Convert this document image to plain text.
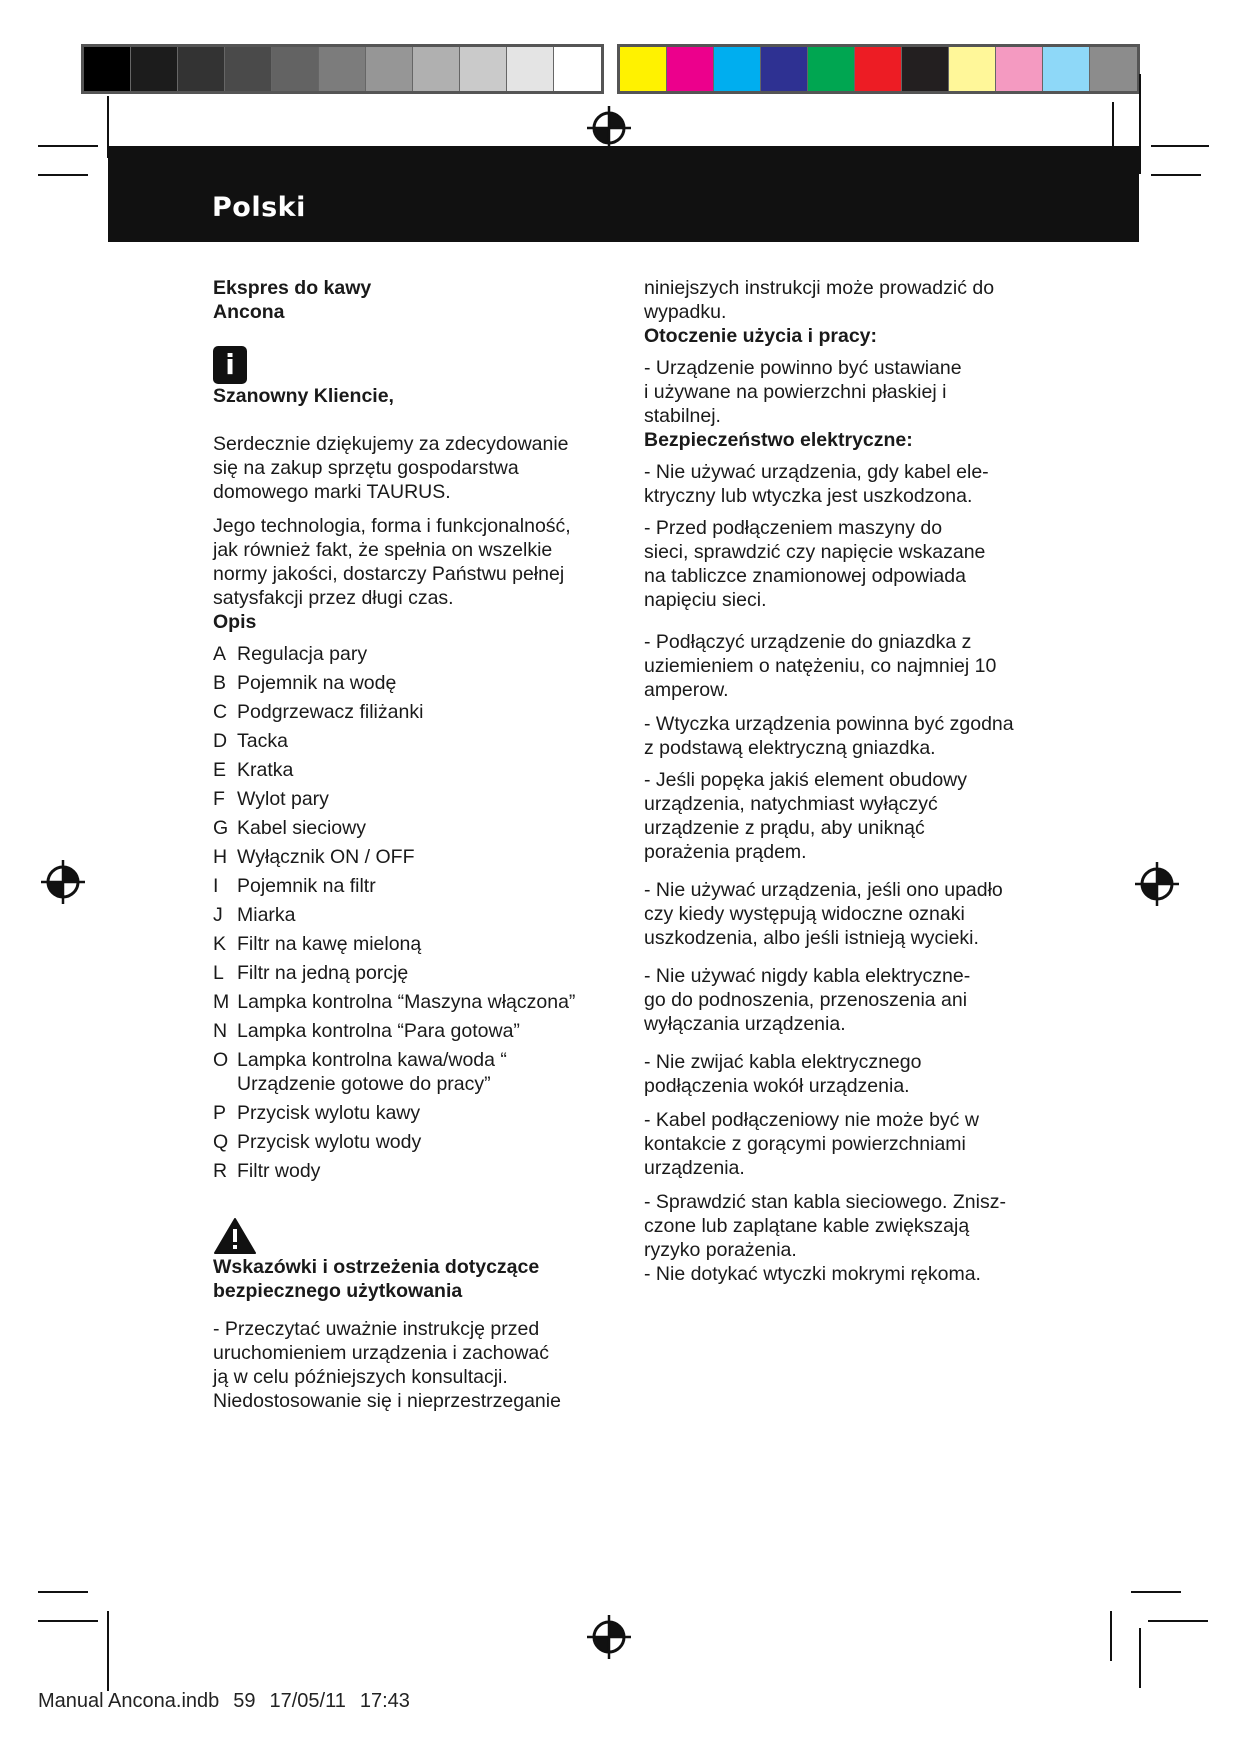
Polski

Ekspres do kawy

Ancona

i

Szanowny Kliencie,

Serdecznie dziękujemy za zdecydowanie

się na zakup sprzętu gospodarstwa

domowego marki TAURUS.

Jego technologia, forma i funkcjonalność,

jak również fakt, że spełnia on wszelkie

normy jakości, dostarczy Państwu pełnej

satysfakcji przez długi czas.

Opis

A Regulacja pary
B Pojemnik na wodę
C Podgrzewacz filiżanki
D Tacka
E Kratka
F Wylot pary
G Kabel sieciowy
H Wyłącznik ON / OFF
I Pojemnik na filtr
J Miarka
K Filtr na kawę mieloną
L Filtr na jedną porcję
M Lampka kontrolna “Maszyna włączona”
N Lampka kontrolna “Para gotowa”
O Lampka kontrolna kawa/woda “ Urządzenie gotowe do pracy”
P Przycisk wylotu kawy
Q Przycisk wylotu wody
R Filtr wody

Wskazówki i ostrzeżenia dotyczące

bezpiecznego użytkowania

- Przeczytać uważnie instrukcję przed

uruchomieniem urządzenia i zachować

ją w celu późniejszych konsultacji.

Niedostosowanie się i nieprzestrzeganie

niniejszych instrukcji może prowadzić do

wypadku.

Otoczenie użycia i pracy:

- Urządzenie powinno być ustawiane

i używane na powierzchni płaskiej i

stabilnej.

Bezpieczeństwo elektryczne:

- Nie używać urządzenia, gdy kabel ele-

ktryczny lub wtyczka jest uszkodzona.

- Przed podłączeniem maszyny do

sieci, sprawdzić czy napięcie wskazane

na tabliczce znamionowej odpowiada

napięciu sieci.

- Podłączyć urządzenie do gniazdka z

uziemieniem o natężeniu, co najmniej 10

amperow.

- Wtyczka urządzenia powinna być zgodna

z podstawą elektryczną gniazdka.

- Jeśli popęka jakiś element obudowy

urządzenia, natychmiast wyłączyć

urządzenie z prądu, aby uniknąć

porażenia prądem.

- Nie używać urządzenia, jeśli ono upadło

czy kiedy występują widoczne oznaki

uszkodzenia, albo jeśli istnieją wycieki.

- Nie używać nigdy kabla elektryczne-

go do podnoszenia, przenoszenia ani

wyłączania urządzenia.

- Nie zwijać kabla elektrycznego

podłączenia wokół urządzenia.

- Kabel podłączeniowy nie może być w

kontakcie z gorącymi powierzchniami

urządzenia.

- Sprawdzić stan kabla sieciowego. Znisz-

czone lub zaplątane kable zwiększają

ryzyko porażenia.

- Nie dotykać wtyczki mokrymi rękoma.

Manual Ancona.indb 59 17/05/11 17:43
